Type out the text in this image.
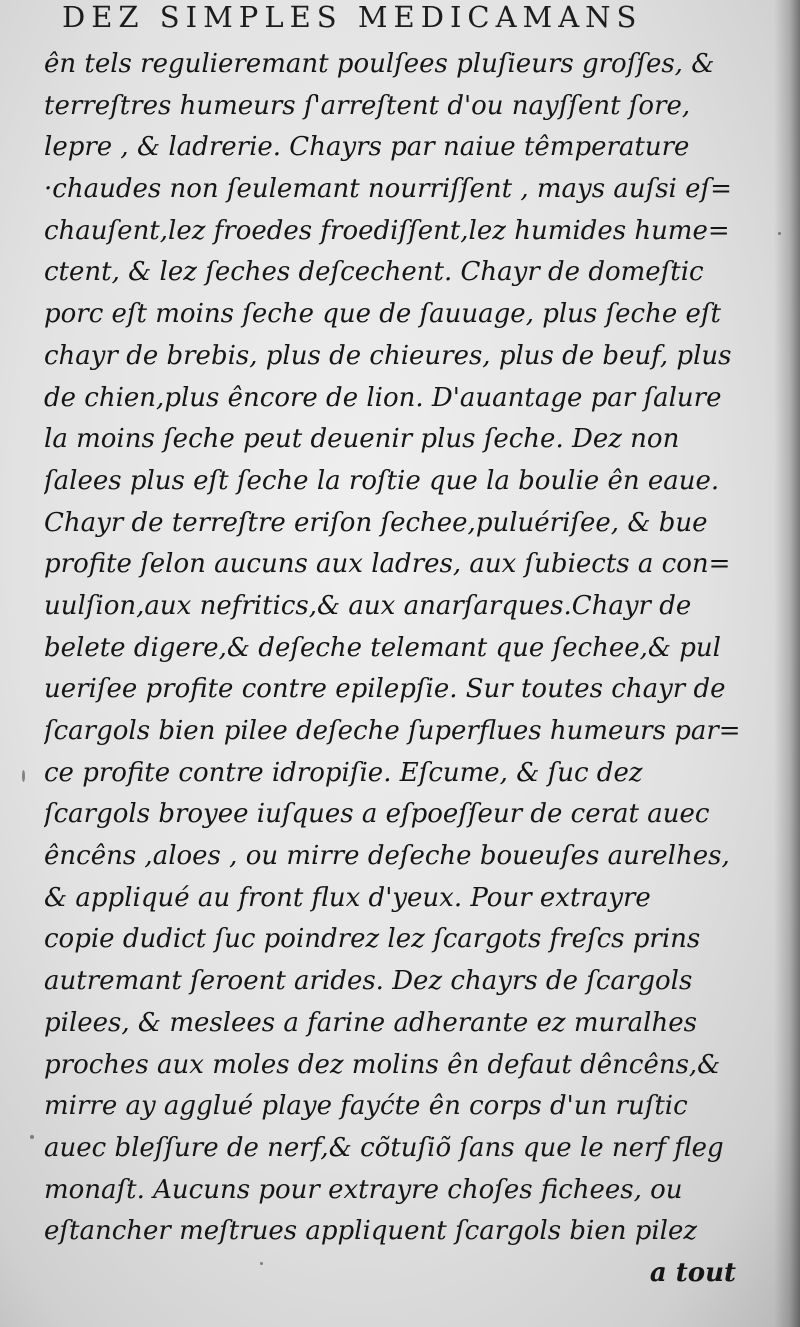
DEZ SIMPLES MEDICAMANS
ên tels regulieremant poulſees pluſieurs groſſes, &
terreſtres humeurs ſ'arreſtent d'ou nayſſent ſore,
lepre , & ladrerie. Chayrs par naiue têmperature
·chaudes non ſeulemant nourriſſent , mays auſsi eſ=
chauſent,lez froedes froediſſent,lez humides hume=
ctent, & lez ſeches deſcechent. Chayr de domeſtic
porc eſt moins ſeche que de ſauuage, plus ſeche eſt
chayr de brebis, plus de chieures, plus de beuf, plus
de chien,plus êncore de lion. D'auantage par ſalure
la moins ſeche peut deuenir plus ſeche. Dez non
ſalees plus eſt ſeche la roſtie que la boulie ên eaue.
Chayr de terreſtre eriſon ſechee,puluériſee, & bue
profite ſelon aucuns aux ladres, aux ſubiects a con=
uulſion,aux nefritics,& aux anarſarques.Chayr de
belete digere,& deſeche telemant que ſechee,& pul
ueriſee profite contre epilepſie. Sur toutes chayr de
ſcargols bien pilee deſeche ſuperflues humeurs par=
ce profite contre idropiſie. Eſcume, & ſuc dez
ſcargols broyee iuſques a eſpoeſſeur de cerat auec
êncêns ,aloes , ou mirre deſeche boueuſes aurelhes,
& appliqué au front flux d'yeux. Pour extrayre
copie dudict ſuc poindrez lez ſcargots freſcs prins
autremant ſeroent arides. Dez chayrs de ſcargols
pilees, & meslees a farine adherante ez muralhes
proches aux moles dez molins ên defaut dêncêns,&
mirre ay agglué playe fayćte ên corps d'un ruſtic
auec bleſſure de nerf,& cõtuſiõ ſans que le nerf fleg
monaſt. Aucuns pour extrayre choſes fichees, ou
eſtancher meſtrues appliquent ſcargols bien pilez
a tout
